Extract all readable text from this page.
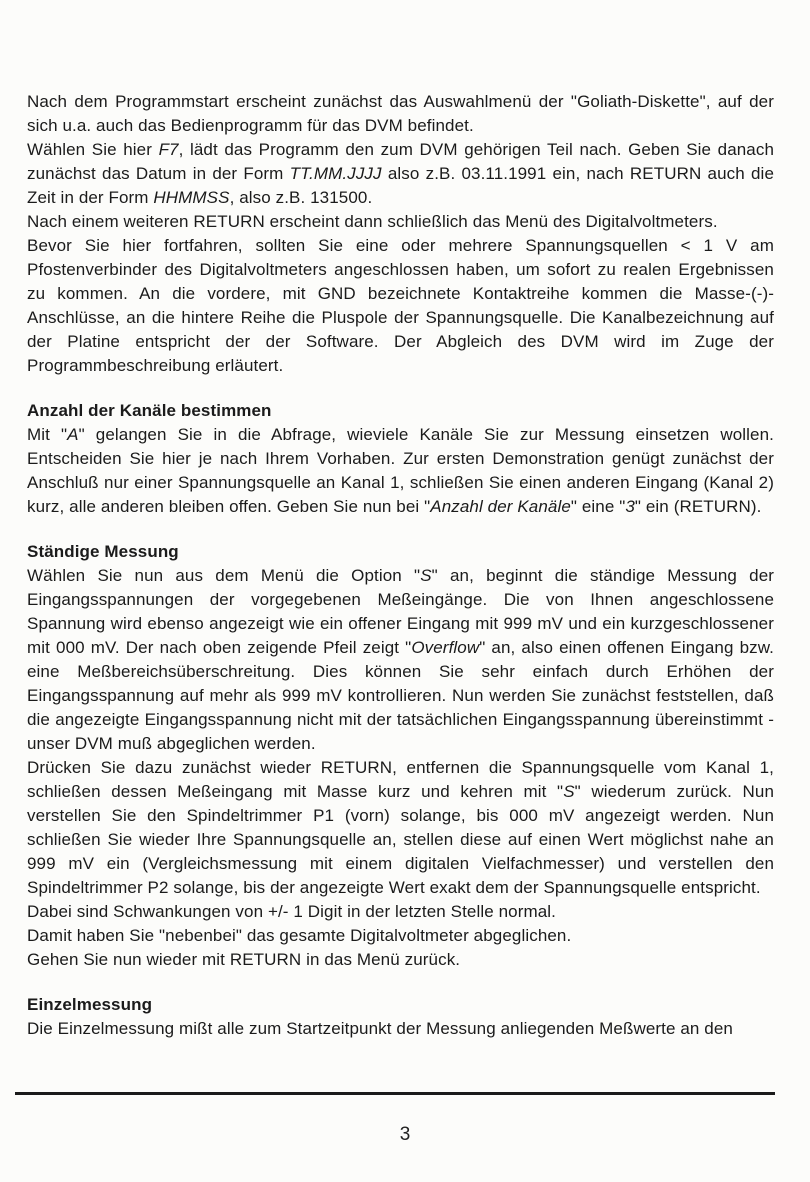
Nach dem Programmstart erscheint zunächst das Auswahlmenü der "Goliath-Diskette", auf der sich u.a. auch das Bedienprogramm für das DVM befindet.

Wählen Sie hier F7, lädt das Programm den zum DVM gehörigen Teil nach. Geben Sie danach zunächst das Datum in der Form TT.MM.JJJJ also z.B. 03.11.1991 ein, nach RETURN auch die Zeit in der Form HHMMSS, also z.B. 131500.

Nach einem weiteren RETURN erscheint dann schließlich das Menü des Digitalvoltmeters.

Bevor Sie hier fortfahren, sollten Sie eine oder mehrere Spannungsquellen < 1 V am Pfostenverbinder des Digitalvoltmeters angeschlossen haben, um sofort zu realen Ergebnissen zu kommen. An die vordere, mit GND bezeichnete Kontaktreihe kommen die Masse-(-)-Anschlüsse, an die hintere Reihe die Pluspole der Spannungsquelle. Die Kanalbezeichnung auf der Platine entspricht der der Software. Der Abgleich des DVM wird im Zuge der Programmbeschreibung erläutert.

Anzahl der Kanäle bestimmen

Mit "A" gelangen Sie in die Abfrage, wieviele Kanäle Sie zur Messung einsetzen wollen. Entscheiden Sie hier je nach Ihrem Vorhaben. Zur ersten Demonstration genügt zunächst der Anschluß nur einer Spannungsquelle an Kanal 1, schließen Sie einen anderen Eingang (Kanal 2) kurz, alle anderen bleiben offen. Geben Sie nun bei "Anzahl der Kanäle" eine "3" ein (RETURN).

Ständige Messung

Wählen Sie nun aus dem Menü die Option "S" an, beginnt die ständige Messung der Eingangsspannungen der vorgegebenen Meßeingänge. Die von Ihnen angeschlossene Spannung wird ebenso angezeigt wie ein offener Eingang mit 999 mV und ein kurzgeschlossener mit 000 mV. Der nach oben zeigende Pfeil zeigt "Overflow" an, also einen offenen Eingang bzw. eine Meßbereichsüberschreitung. Dies können Sie sehr einfach durch Erhöhen der Eingangsspannung auf mehr als 999 mV kontrollieren. Nun werden Sie zunächst feststellen, daß die angezeigte Eingangsspannung nicht mit der tatsächlichen Eingangsspannung übereinstimmt - unser DVM muß abgeglichen werden.

Drücken Sie dazu zunächst wieder RETURN, entfernen die Spannungsquelle vom Kanal 1, schließen dessen Meßeingang mit Masse kurz und kehren mit "S" wiederum zurück. Nun verstellen Sie den Spindeltrimmer P1 (vorn) solange, bis 000 mV angezeigt werden. Nun schließen Sie wieder Ihre Spannungsquelle an, stellen diese auf einen Wert möglichst nahe an 999 mV ein (Vergleichsmessung mit einem digitalen Vielfachmesser) und verstellen den Spindeltrimmer P2 solange, bis der angezeigte Wert exakt dem der Spannungsquelle entspricht.

Dabei sind Schwankungen von +/- 1 Digit in der letzten Stelle normal.

Damit haben Sie "nebenbei" das gesamte Digitalvoltmeter abgeglichen.

Gehen Sie nun wieder mit RETURN in das Menü zurück.

Einzelmessung

Die Einzelmessung mißt alle zum Startzeitpunkt der Messung anliegenden Meßwerte an den

3
